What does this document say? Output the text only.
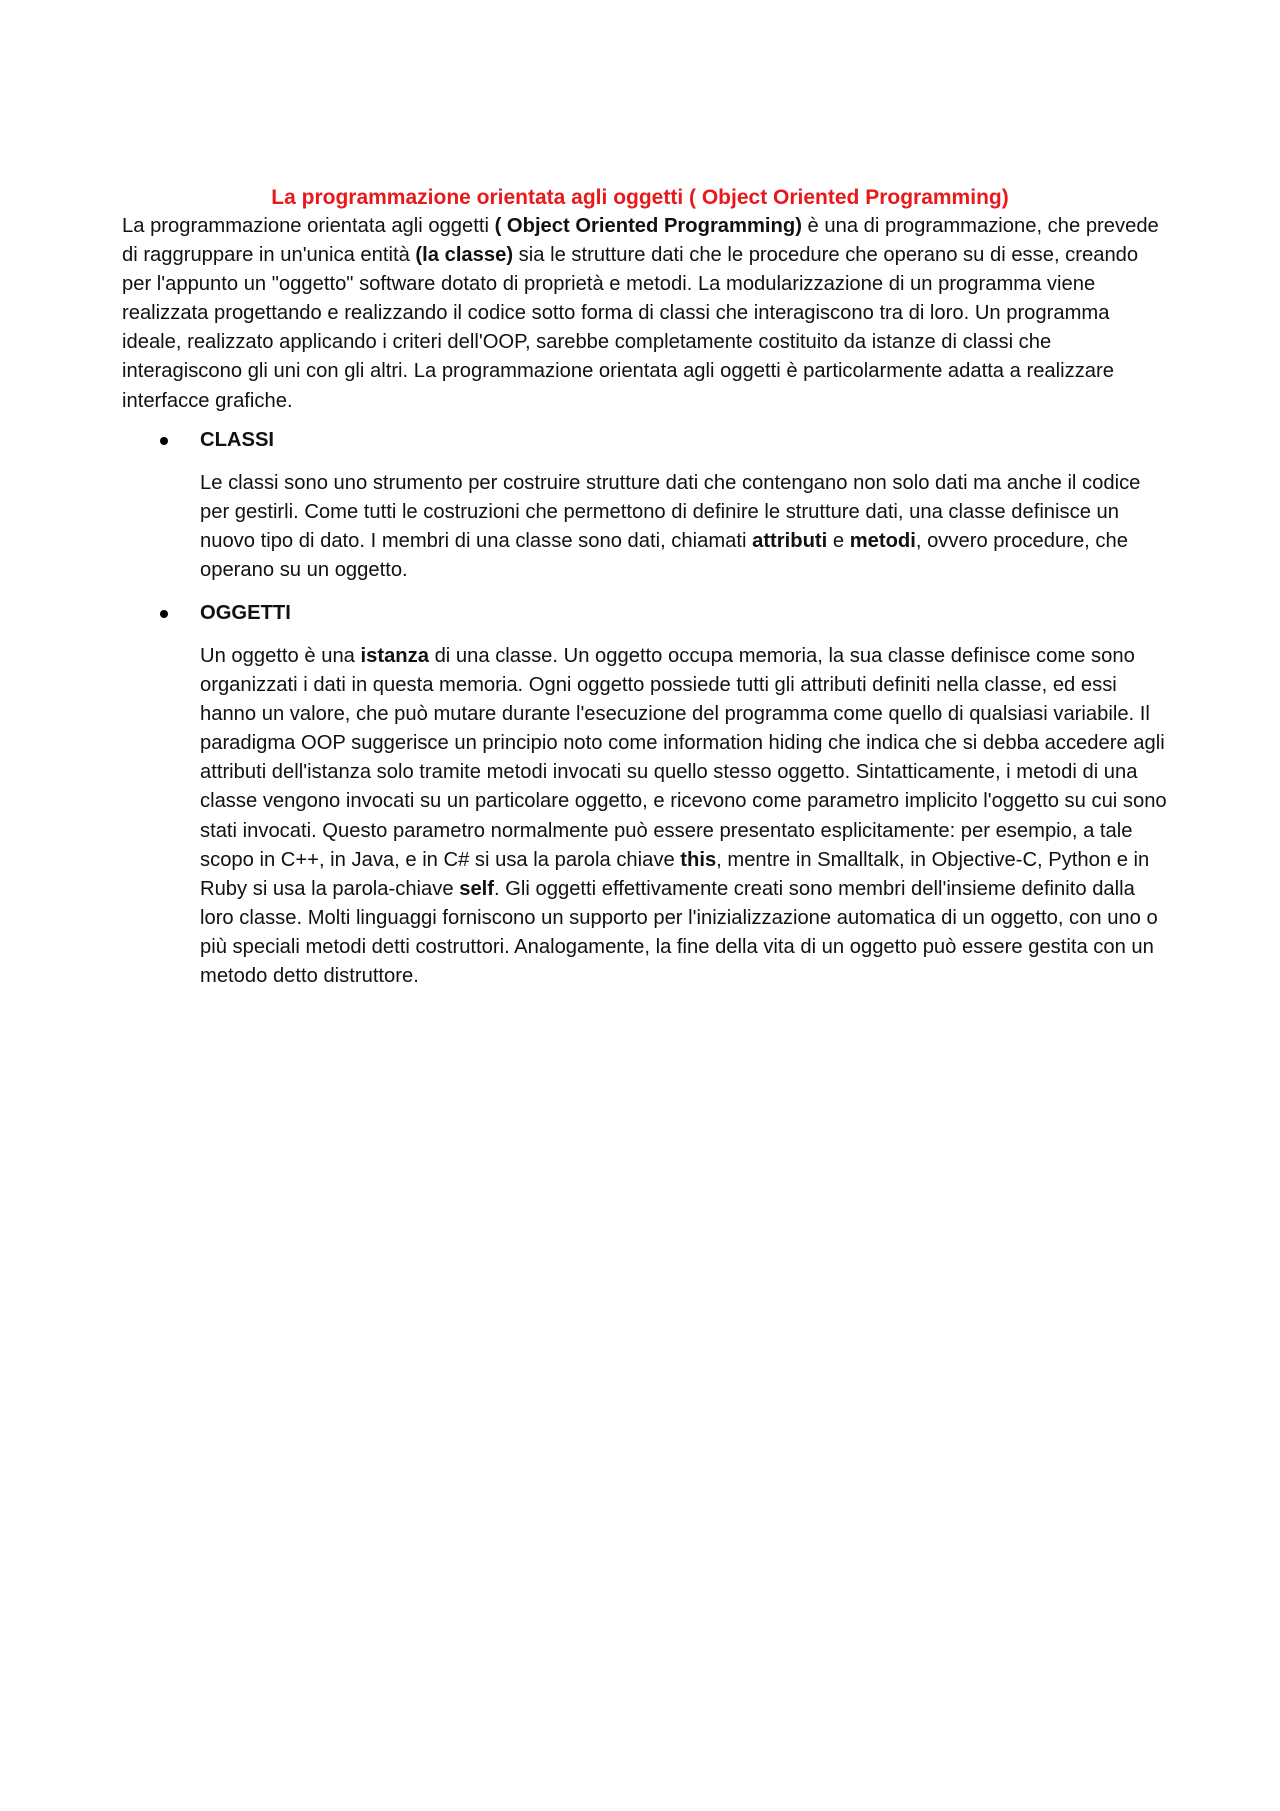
La programmazione orientata agli oggetti ( Object Oriented Programming)

La programmazione orientata agli oggetti ( Object Oriented Programming) è una di programmazione, che prevede di raggruppare in un'unica entità (la classe) sia le strutture dati che le procedure che operano su di esse, creando per l'appunto un "oggetto" software dotato di proprietà e metodi. La modularizzazione di un programma viene realizzata progettando e realizzando il codice sotto forma di classi che interagiscono tra di loro. Un programma ideale, realizzato applicando i criteri dell'OOP, sarebbe completamente costituito da istanze di classi che interagiscono gli uni con gli altri. La programmazione orientata agli oggetti è particolarmente adatta a realizzare interfacce grafiche.

CLASSI

Le classi sono uno strumento per costruire strutture dati che contengano non solo dati ma anche il codice per gestirli. Come tutti le costruzioni che permettono di definire le strutture dati, una classe definisce un nuovo tipo di dato. I membri di una classe sono dati, chiamati attributi e metodi, ovvero procedure, che operano su un oggetto.

OGGETTI

Un oggetto è una istanza di una classe. Un oggetto occupa memoria, la sua classe definisce come sono organizzati i dati in questa memoria. Ogni oggetto possiede tutti gli attributi definiti nella classe, ed essi hanno un valore, che può mutare durante l'esecuzione del programma come quello di qualsiasi variabile. Il paradigma OOP suggerisce un principio noto come information hiding che indica che si debba accedere agli attributi dell'istanza solo tramite metodi invocati su quello stesso oggetto. Sintatticamente, i metodi di una classe vengono invocati su un particolare oggetto, e ricevono come parametro implicito l'oggetto su cui sono stati invocati. Questo parametro normalmente può essere presentato esplicitamente: per esempio, a tale scopo in C++, in Java, e in C# si usa la parola chiave this, mentre in Smalltalk, in Objective-C, Python e in Ruby si usa la parola-chiave self. Gli oggetti effettivamente creati sono membri dell'insieme definito dalla loro classe. Molti linguaggi forniscono un supporto per l'inizializzazione automatica di un oggetto, con uno o più speciali metodi detti costruttori. Analogamente, la fine della vita di un oggetto può essere gestita con un metodo detto distruttore.
